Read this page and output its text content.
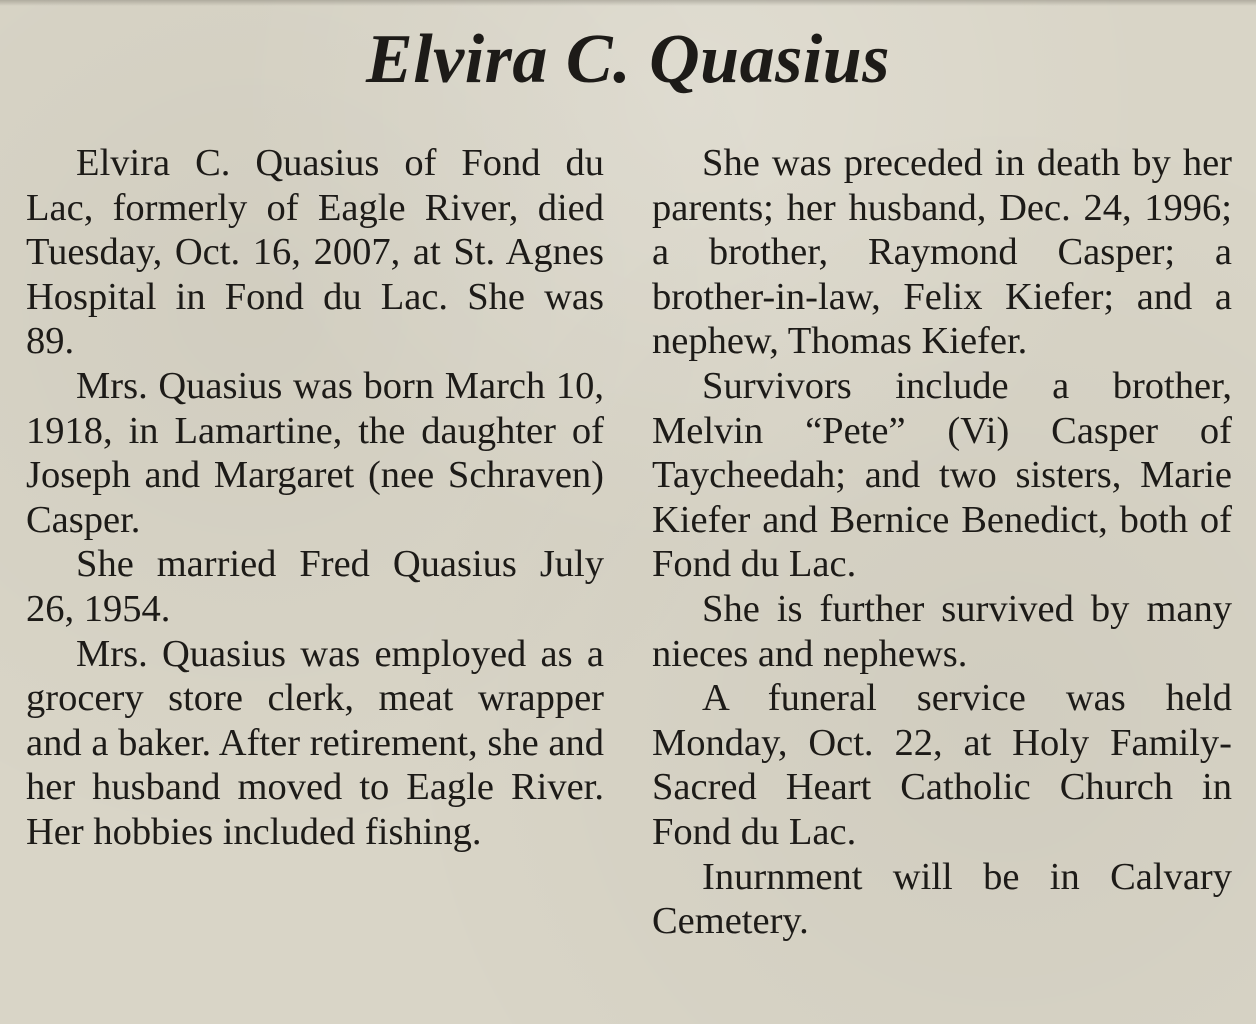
Elvira C. Quasius

Elvira C. Quasius of Fond du Lac, formerly of Eagle River, died Tuesday, Oct. 16, 2007, at St. Agnes Hospital in Fond du Lac. She was 89.

Mrs. Quasius was born March 10, 1918, in Lamartine, the daughter of Joseph and Margaret (nee Schraven) Casper.

She married Fred Quasius July 26, 1954.

Mrs. Quasius was employed as a grocery store clerk, meat wrapper and a baker. After retirement, she and her husband moved to Eagle River. Her hobbies included fishing.

She was preceded in death by her parents; her husband, Dec. 24, 1996; a brother, Raymond Casper; a brother-in-law, Felix Kiefer; and a nephew, Thomas Kiefer.

Survivors include a brother, Melvin “Pete” (Vi) Casper of Taycheedah; and two sisters, Marie Kiefer and Bernice Benedict, both of Fond du Lac.

She is further survived by many nieces and nephews.

A funeral service was held Monday, Oct. 22, at Holy Family-Sacred Heart Catholic Church in Fond du Lac.

Inurnment will be in Calvary Cemetery.
